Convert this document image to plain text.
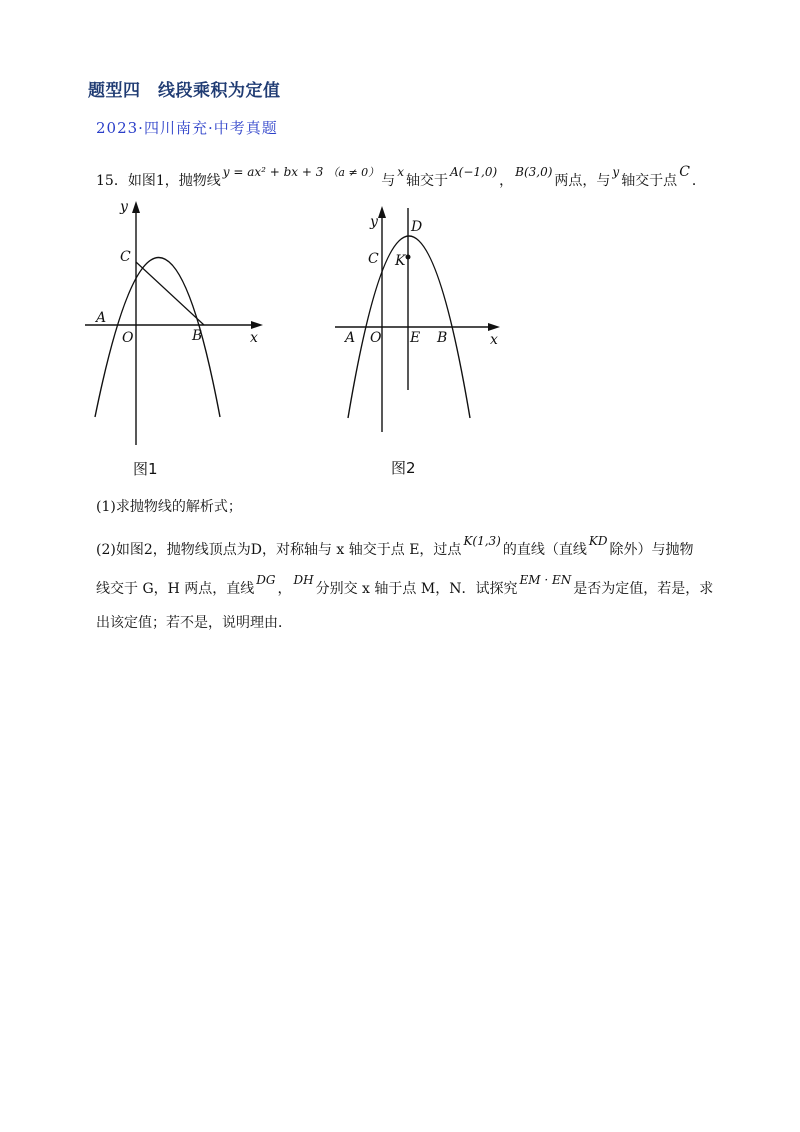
题型四　线段乘积为定值
2023·四川南充·中考真题
15．如图1，抛物线y = ax² + bx + 3 （a ≠ 0）与x轴交于A(−1,0)，B(3,0)两点，与y轴交于点C．
y
C
A
O	B	x
图1
y D
C K
A O E B	x
图2
(1)求抛物线的解析式；
(2)如图2，抛物线顶点为D，对称轴与 x 轴交于点 E，过点K(1,3)的直线（直线KD除外）与抛物
线交于 G，H 两点，直线DG，DH分别交 x 轴于点 M，N．试探究EM · EN是否为定值，若是，求
出该定值；若不是，说明理由．
